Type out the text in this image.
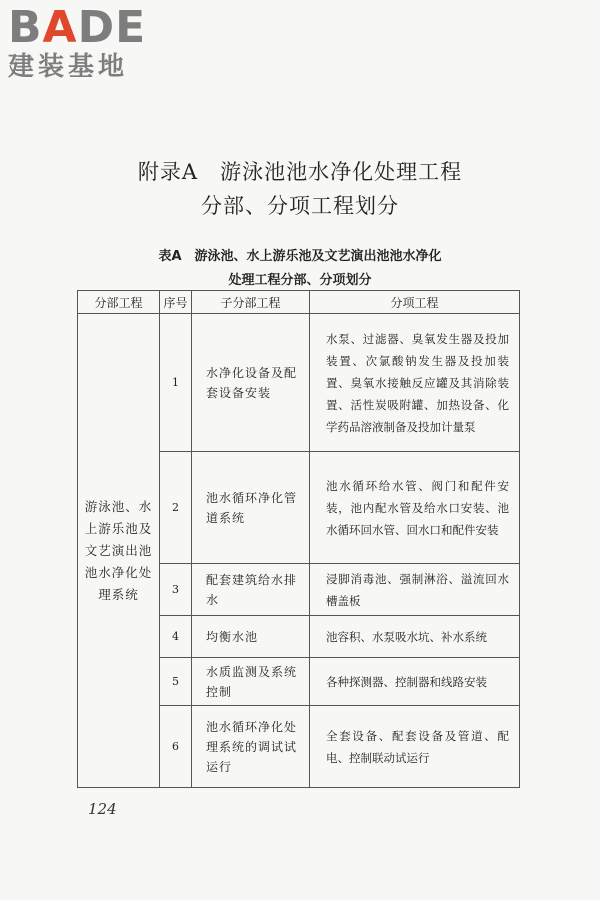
BADE
建装基地
附录A　游泳池池水净化处理工程
分部、分项工程划分
表A　游泳池、水上游乐池及文艺演出池池水净化
处理工程分部、分项划分
分部工程	序号	子分部工程	分项工程
游泳池、水上游乐池及文艺演出池池水净化处理系统	1	水净化设备及配套设备安装	水泵、过滤器、臭氧发生器及投加装置、次氯酸钠发生器及投加装置、臭氧水接触反应罐及其消除装置、活性炭吸附罐、加热设备、化学药品溶液制备及投加计量泵
	2	池水循环净化管道系统	池水循环给水管、阀门和配件安装，池内配水管及给水口安装、池水循环回水管、回水口和配件安装
	3	配套建筑给水排水	浸脚消毒池、强制淋浴、溢流回水槽盖板
	4	均衡水池	池容积、水泵吸水坑、补水系统
	5	水质监测及系统控制	各种探测器、控制器和线路安装
	6	池水循环净化处理系统的调试试运行	全套设备、配套设备及管道、配电、控制联动试运行
124
